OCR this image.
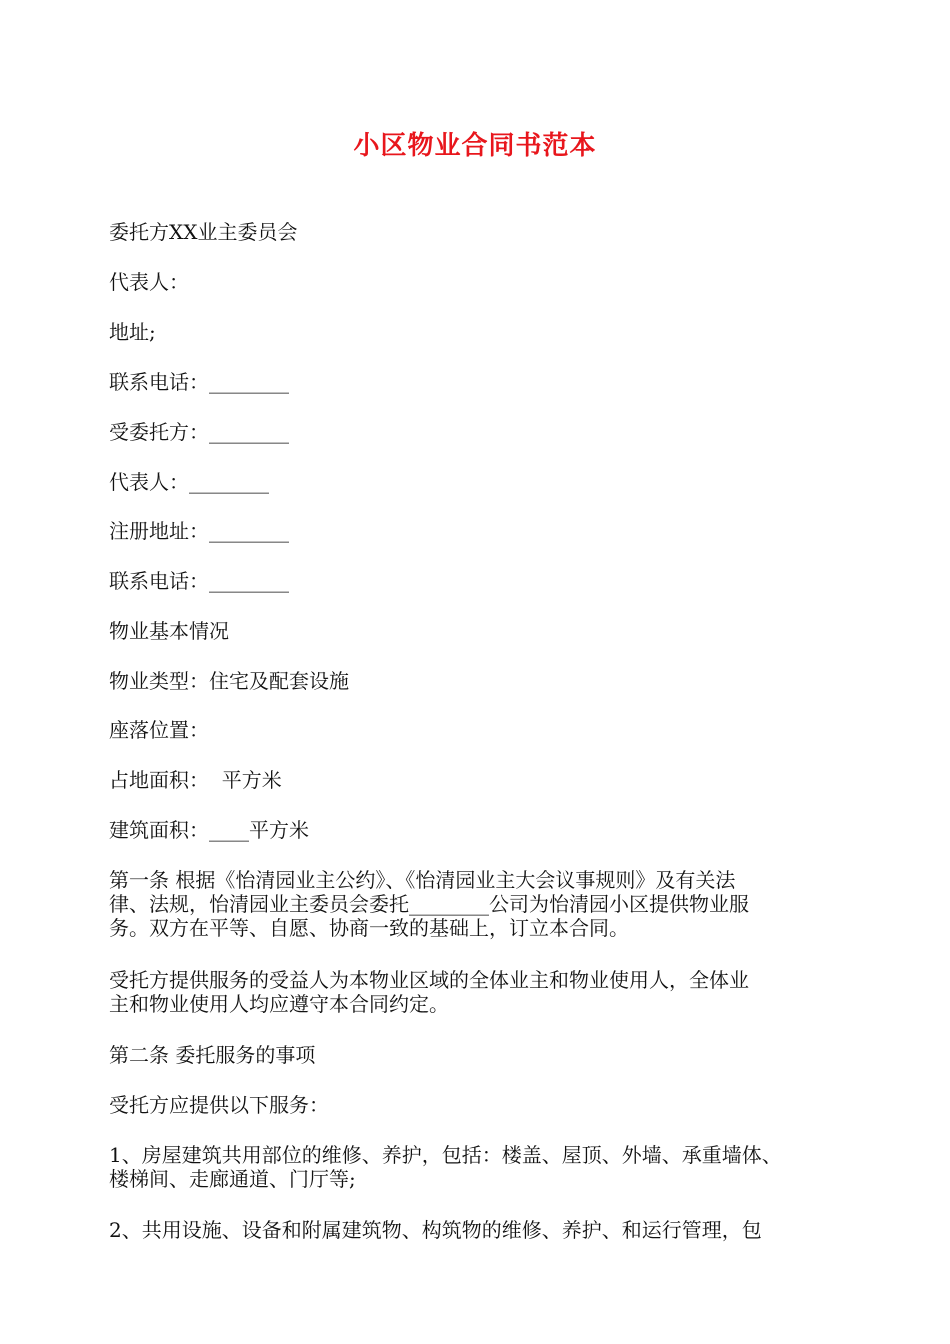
小区物业合同书范本
委托方XX业主委员会
代表人：
地址;
联系电话：________
受委托方：________
代表人：________
注册地址：________
联系电话：________
物业基本情况
物业类型：住宅及配套设施
座落位置：
占地面积：  平方米
建筑面积：____平方米
第一条 根据《怡清园业主公约》、《怡清园业主大会议事规则》及有关法
律、法规，怡清园业主委员会委托________公司为怡清园小区提供物业服
务。双方在平等、自愿、协商一致的基础上，订立本合同。
受托方提供服务的受益人为本物业区域的全体业主和物业使用人，全体业
主和物业使用人均应遵守本合同约定。
第二条 委托服务的事项
受托方应提供以下服务：
1、房屋建筑共用部位的维修、养护，包括：楼盖、屋顶、外墙、承重墙体、
楼梯间、走廊通道、门厅等;
2、共用设施、设备和附属建筑物、构筑物的维修、养护、和运行管理，包
